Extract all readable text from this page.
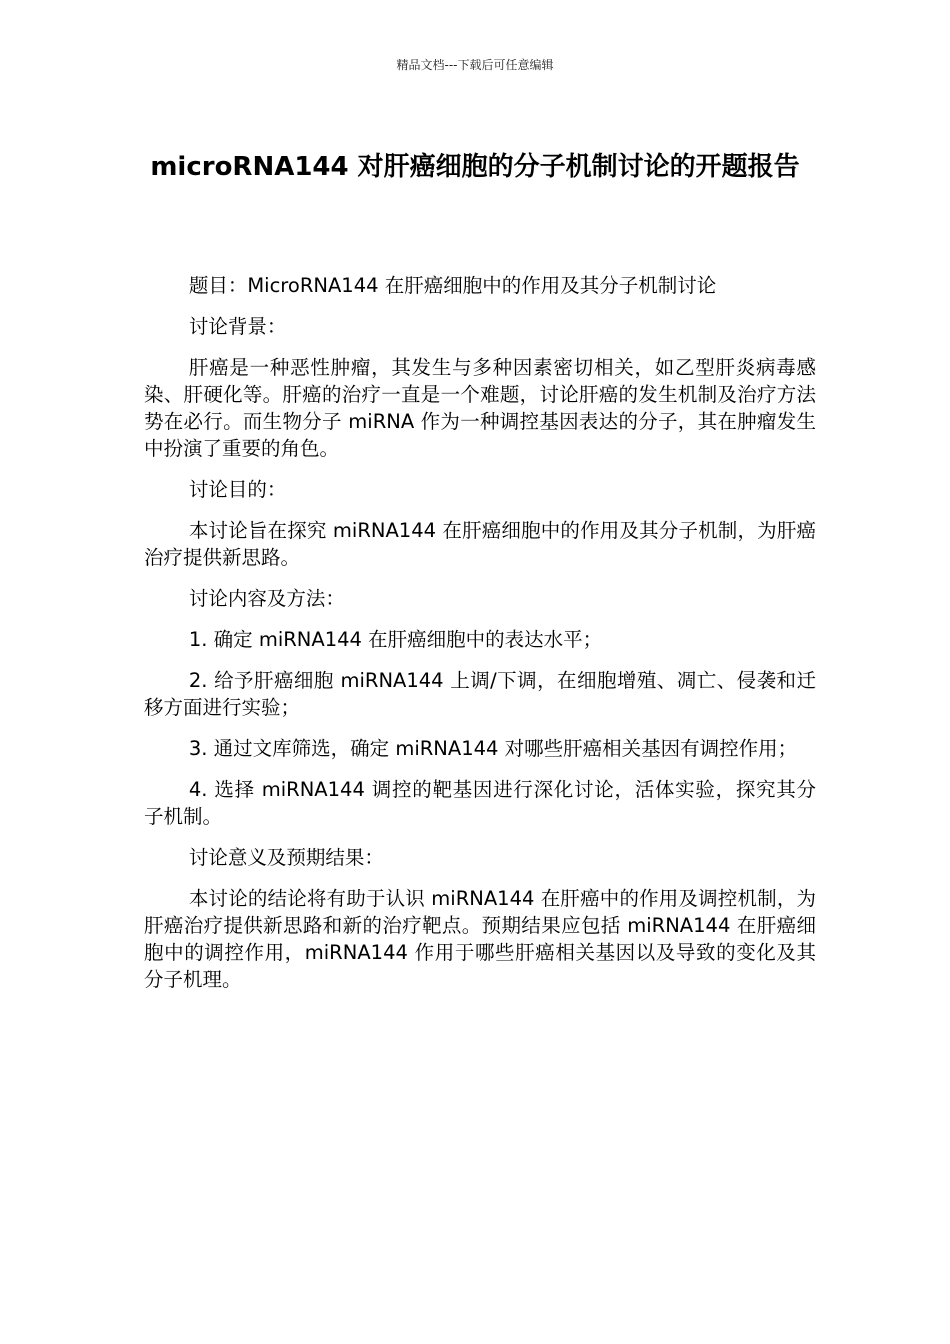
精品文档---下载后可任意编辑
microRNA144 对肝癌细胞的分子机制讨论的开题报告

题目：MicroRNA144 在肝癌细胞中的作用及其分子机制讨论

讨论背景：

肝癌是一种恶性肿瘤，其发生与多种因素密切相关，如乙型肝炎病毒感染、肝硬化等。肝癌的治疗一直是一个难题，讨论肝癌的发生机制及治疗方法势在必行。而生物分子 miRNA 作为一种调控基因表达的分子，其在肿瘤发生中扮演了重要的角色。

讨论目的：

本讨论旨在探究 miRNA144 在肝癌细胞中的作用及其分子机制，为肝癌治疗提供新思路。

讨论内容及方法：

1. 确定 miRNA144 在肝癌细胞中的表达水平；

2. 给予肝癌细胞 miRNA144 上调/下调，在细胞增殖、凋亡、侵袭和迁移方面进行实验；

3. 通过文库筛选，确定 miRNA144 对哪些肝癌相关基因有调控作用；

4. 选择 miRNA144 调控的靶基因进行深化讨论，活体实验，探究其分子机制。

讨论意义及预期结果：

本讨论的结论将有助于认识 miRNA144 在肝癌中的作用及调控机制，为肝癌治疗提供新思路和新的治疗靶点。预期结果应包括 miRNA144 在肝癌细胞中的调控作用，miRNA144 作用于哪些肝癌相关基因以及导致的变化及其分子机理。
